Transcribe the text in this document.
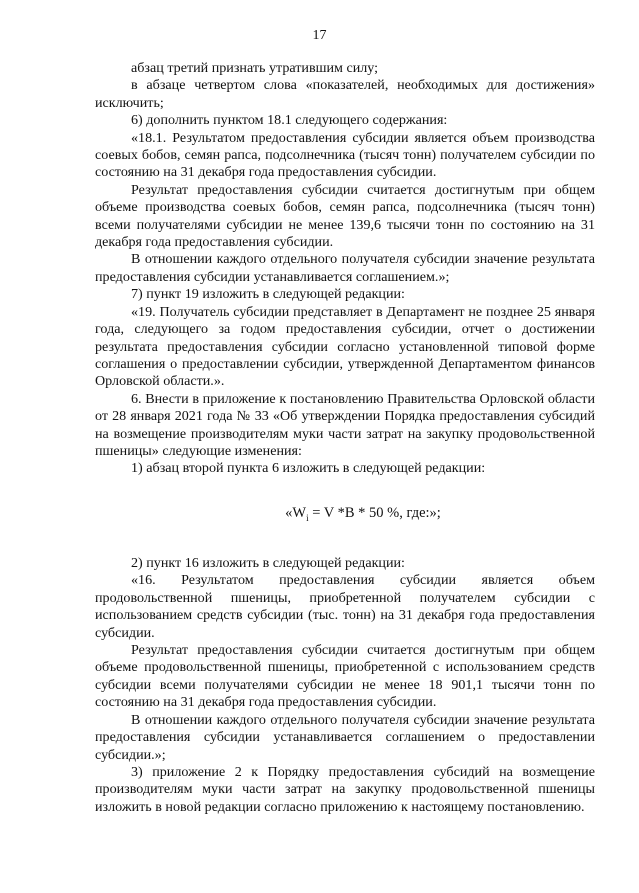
17

абзац третий признать утратившим силу;

в абзаце четвертом слова «показателей, необходимых для достижения» исключить;

6) дополнить пунктом 18.1 следующего содержания:

«18.1. Результатом предоставления субсидии является объем производства соевых бобов, семян рапса, подсолнечника (тысяч тонн) получателем субсидии по состоянию на 31 декабря года предоставления субсидии.

Результат предоставления субсидии считается достигнутым при общем объеме производства соевых бобов, семян рапса, подсолнечника (тысяч тонн) всеми получателями субсидии не менее 139,6 тысячи тонн по состоянию на 31 декабря года предоставления субсидии.

В отношении каждого отдельного получателя субсидии значение результата предоставления субсидии устанавливается соглашением.»;

7) пункт 19 изложить в следующей редакции:

«19. Получатель субсидии представляет в Департамент не позднее 25 января года, следующего за годом предоставления субсидии, отчет о достижении результата предоставления субсидии согласно установленной типовой форме соглашения о предоставлении субсидии, утвержденной Департаментом финансов Орловской области.».

6. Внести в приложение к постановлению Правительства Орловской области от 28 января 2021 года № 33 «Об утверждении Порядка предоставления субсидий на возмещение производителям муки части затрат на закупку продовольственной пшеницы» следующие изменения:

1) абзац второй пункта 6 изложить в следующей редакции:

«$W_i = V$ *B * 50 %, где:»;

2) пункт 16 изложить в следующей редакции:

«16. Результатом предоставления субсидии является объем продовольственной пшеницы, приобретенной получателем субсидии с использованием средств субсидии (тыс. тонн) на 31 декабря года предоставления субсидии.

Результат предоставления субсидии считается достигнутым при общем объеме продовольственной пшеницы, приобретенной с использованием средств субсидии всеми получателями субсидии не менее 18 901,1 тысячи тонн по состоянию на 31 декабря года предоставления субсидии.

В отношении каждого отдельного получателя субсидии значение результата предоставления субсидии устанавливается соглашением о предоставлении субсидии.»;

3) приложение 2 к Порядку предоставления субсидий на возмещение производителям муки части затрат на закупку продовольственной пшеницы изложить в новой редакции согласно приложению к настоящему постановлению.
